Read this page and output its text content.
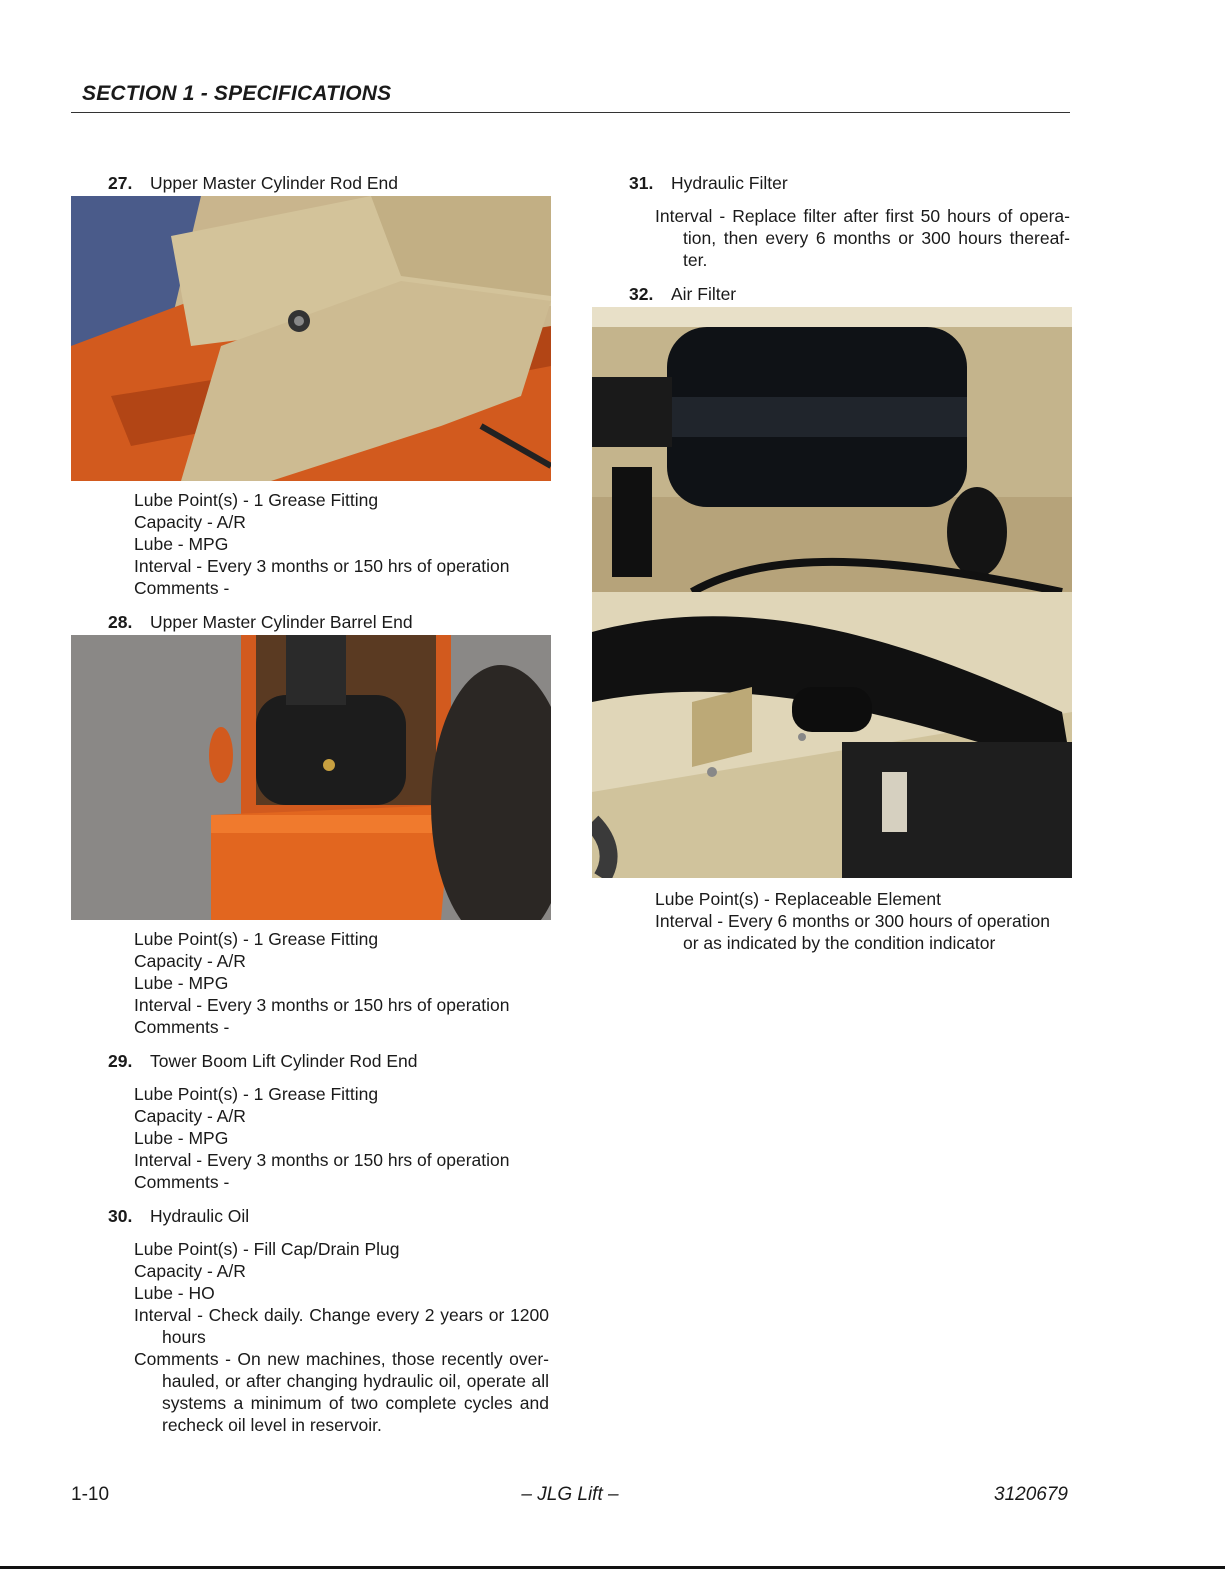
SECTION 1 - SPECIFICATIONS
27. Upper Master Cylinder Rod End
Lube Point(s) - 1 Grease Fitting
Capacity - A/R
Lube - MPG
Interval - Every 3 months or 150 hrs of operation
Comments -
28. Upper Master Cylinder Barrel End
Lube Point(s) - 1 Grease Fitting
Capacity - A/R
Lube - MPG
Interval - Every 3 months or 150 hrs of operation
Comments -
29. Tower Boom Lift Cylinder Rod End
Lube Point(s) - 1 Grease Fitting
Capacity - A/R
Lube - MPG
Interval - Every 3 months or 150 hrs of operation
Comments -
30. Hydraulic Oil
Lube Point(s) - Fill Cap/Drain Plug
Capacity - A/R
Lube - HO
Interval - Check daily. Change every 2 years or 1200 hours
Comments - On new machines, those recently over-hauled, or after changing hydraulic oil, operate all systems a minimum of two complete cycles and recheck oil level in reservoir.
31. Hydraulic Filter
Interval - Replace filter after first 50 hours of opera-tion, then every 6 months or 300 hours thereaf-ter.
32. Air Filter
Lube Point(s) - Replaceable Element
Interval - Every 6 months or 300 hours of operation or as indicated by the condition indicator
1-10	– JLG Lift –	3120679
